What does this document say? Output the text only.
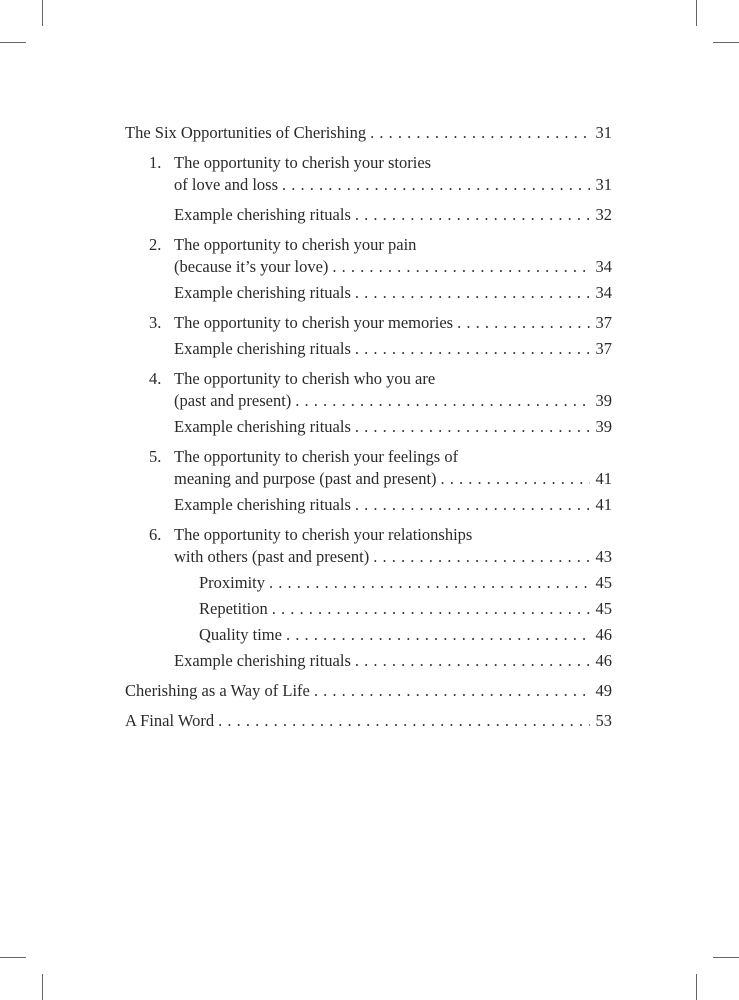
The Six Opportunities of Cherishing . . .	31
1. The opportunity to cherish your stories
of love and loss . . .	31
Example cherishing rituals . . .	32
2. The opportunity to cherish your pain
(because it’s your love) . . .	34
Example cherishing rituals . . .	34
3. The opportunity to cherish your memories . . .	37
Example cherishing rituals . . .	37
4. The opportunity to cherish who you are
(past and present) . . .	39
Example cherishing rituals . . .	39
5. The opportunity to cherish your feelings of
meaning and purpose (past and present) . . .	41
Example cherishing rituals . . .	41
6. The opportunity to cherish your relationships
with others (past and present) . . .	43
Proximity . . .	45
Repetition . . .	45
Quality time . . .	46
Example cherishing rituals . . .	46
Cherishing as a Way of Life . . .	49
A Final Word . . .	53
